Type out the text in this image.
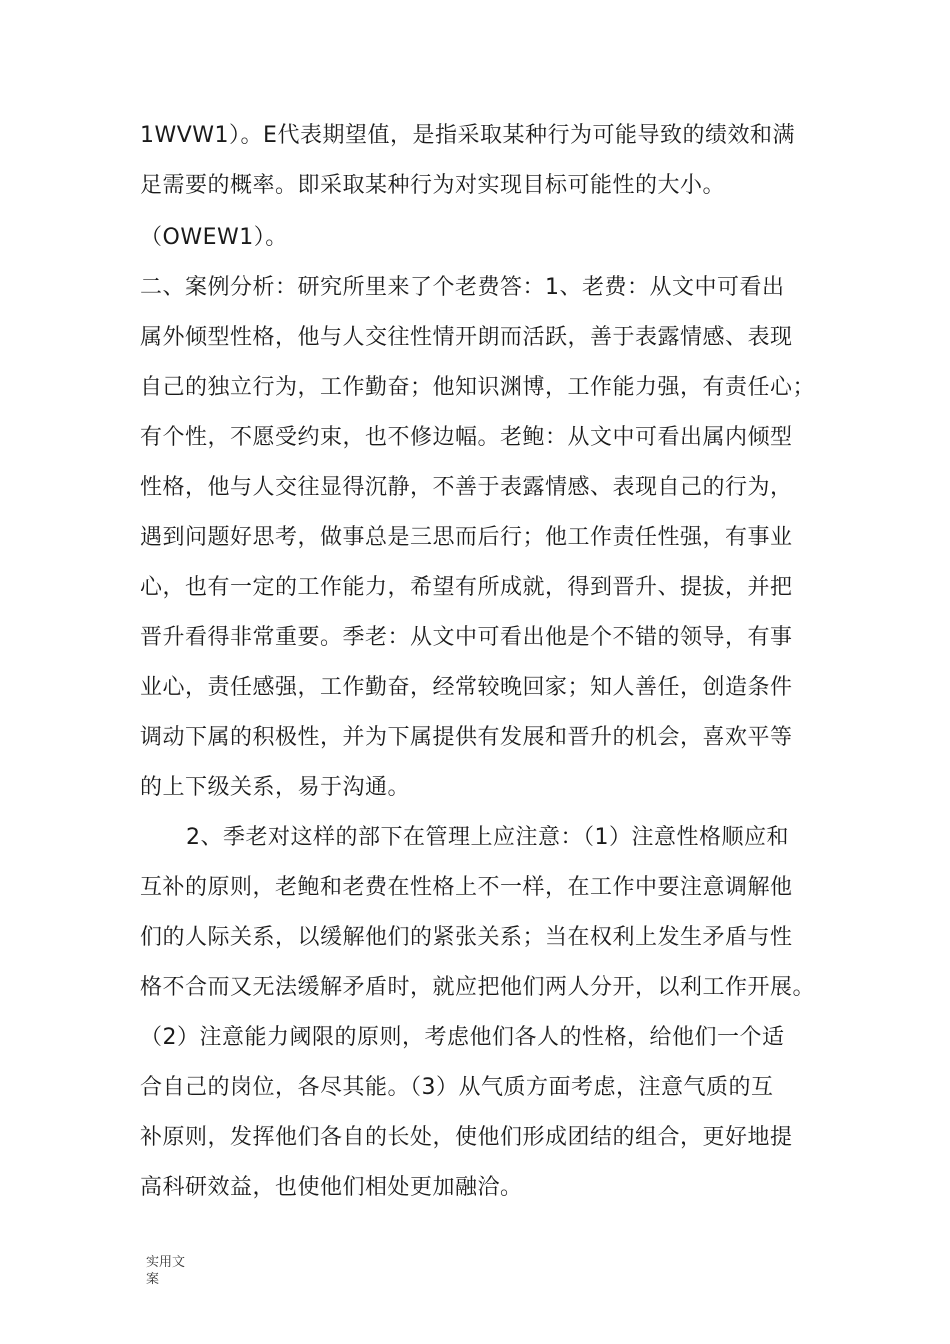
1WVW1）。E代表期望值，是指采取某种行为可能导致的绩效和满
足需要的概率。即采取某种行为对实现目标可能性的大小。
（OWEW1）。
二、案例分析：研究所里来了个老费答：1、老费：从文中可看出
属外倾型性格，他与人交往性情开朗而活跃，善于表露情感、表现
自己的独立行为，工作勤奋；他知识渊博，工作能力强，有责任心；
有个性，不愿受约束，也不修边幅。老鲍：从文中可看出属内倾型
性格，他与人交往显得沉静，不善于表露情感、表现自己的行为，
遇到问题好思考，做事总是三思而后行；他工作责任性强，有事业
心，也有一定的工作能力，希望有所成就，得到晋升、提拔，并把
晋升看得非常重要。季老：从文中可看出他是个不错的领导，有事
业心，责任感强，工作勤奋，经常较晚回家；知人善任，创造条件
调动下属的积极性，并为下属提供有发展和晋升的机会，喜欢平等
的上下级关系，易于沟通。
2、季老对这样的部下在管理上应注意：（1）注意性格顺应和
互补的原则，老鲍和老费在性格上不一样，在工作中要注意调解他
们的人际关系，以缓解他们的紧张关系；当在权利上发生矛盾与性
格不合而又无法缓解矛盾时，就应把他们两人分开，以利工作开展。
（2）注意能力阈限的原则，考虑他们各人的性格，给他们一个适
合自己的岗位，各尽其能。（3）从气质方面考虑，注意气质的互
补原则，发挥他们各自的长处，使他们形成团结的组合，更好地提
高科研效益，也使他们相处更加融洽。
实用文
案
